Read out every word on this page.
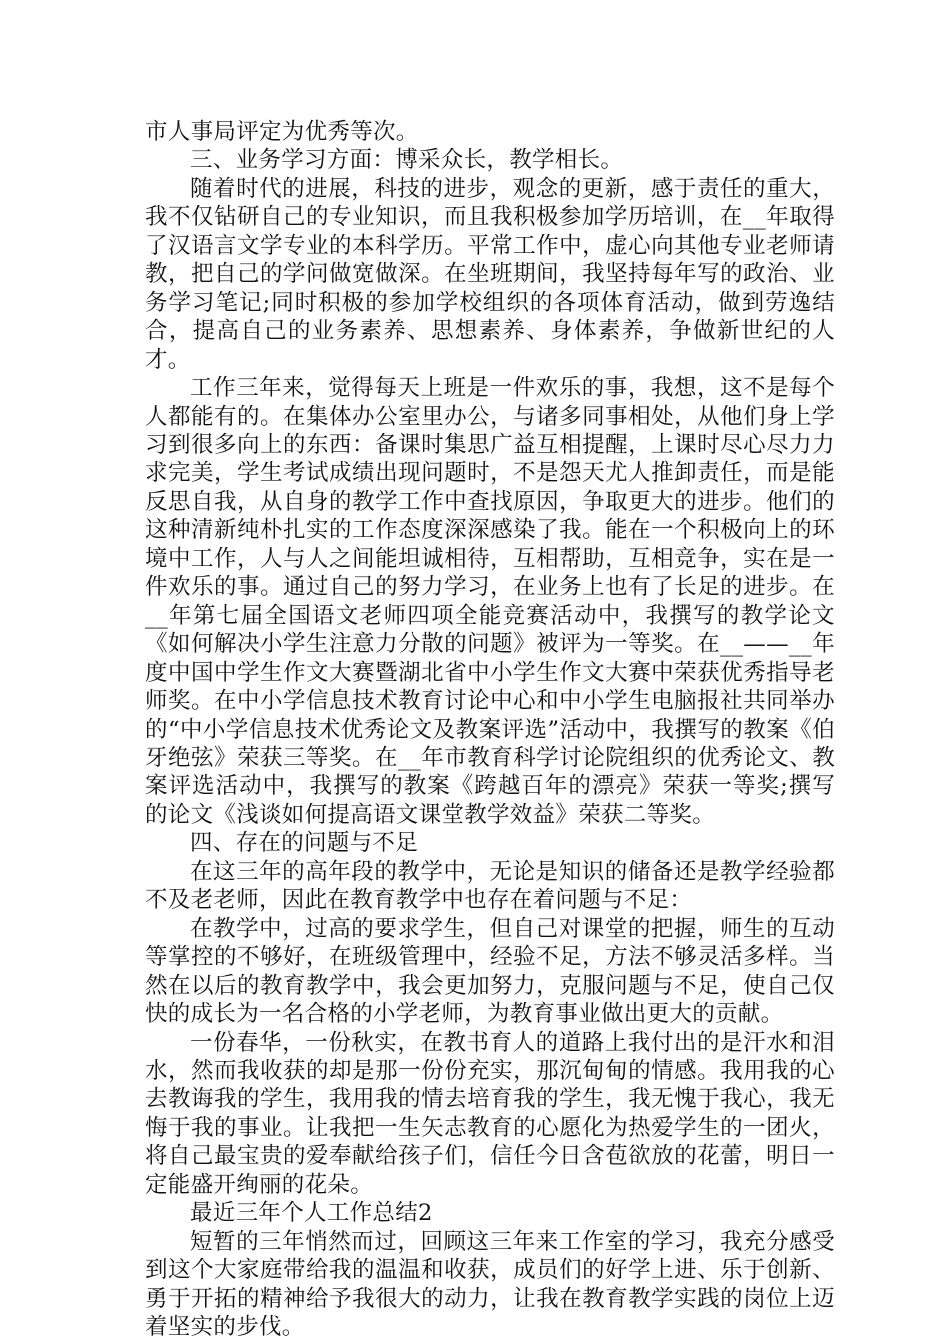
市人事局评定为优秀等次。

三、业务学习方面：博采众长，教学相长。

随着时代的进展，科技的进步，观念的更新，感于责任的重大，我不仅钻研自己的专业知识，而且我积极参加学历培训，在__年取得了汉语言文学专业的本科学历。平常工作中，虚心向其他专业老师请教，把自己的学问做宽做深。在坐班期间，我坚持每年写的政治、业务学习笔记;同时积极的参加学校组织的各项体育活动，做到劳逸结合，提高自己的业务素养、思想素养、身体素养，争做新世纪的人才。

工作三年来，觉得每天上班是一件欢乐的事，我想，这不是每个人都能有的。在集体办公室里办公，与诸多同事相处，从他们身上学习到很多向上的东西：备课时集思广益互相提醒，上课时尽心尽力力求完美，学生考试成绩出现问题时，不是怨天尤人推卸责任，而是能反思自我，从自身的教学工作中查找原因，争取更大的进步。他们的这种清新纯朴扎实的工作态度深深感染了我。能在一个积极向上的环境中工作，人与人之间能坦诚相待，互相帮助，互相竞争，实在是一件欢乐的事。通过自己的努力学习，在业务上也有了长足的进步。在__年第七届全国语文老师四项全能竞赛活动中，我撰写的教学论文《如何解决小学生注意力分散的问题》被评为一等奖。在__——__年度中国中学生作文大赛暨湖北省中小学生作文大赛中荣获优秀指导老师奖。在中小学信息技术教育讨论中心和中小学生电脑报社共同举办的“中小学信息技术优秀论文及教案评选”活动中，我撰写的教案《伯牙绝弦》荣获三等奖。在__年市教育科学讨论院组织的优秀论文、教案评选活动中，我撰写的教案《跨越百年的漂亮》荣获一等奖;撰写的论文《浅谈如何提高语文课堂教学效益》荣获二等奖。

四、存在的问题与不足

在这三年的高年段的教学中，无论是知识的储备还是教学经验都不及老老师，因此在教育教学中也存在着问题与不足：

在教学中，过高的要求学生，但自己对课堂的把握，师生的互动等掌控的不够好，在班级管理中，经验不足，方法不够灵活多样。当然在以后的教育教学中，我会更加努力，克服问题与不足，使自己仅快的成长为一名合格的小学老师，为教育事业做出更大的贡献。

一份春华，一份秋实，在教书育人的道路上我付出的是汗水和泪水，然而我收获的却是那一份份充实，那沉甸甸的情感。我用我的心去教诲我的学生，我用我的情去培育我的学生，我无愧于我心，我无悔于我的事业。让我把一生矢志教育的心愿化为热爱学生的一团火，将自己最宝贵的爱奉献给孩子们，信任今日含苞欲放的花蕾，明日一定能盛开绚丽的花朵。

最近三年个人工作总结2

短暂的三年悄然而过，回顾这三年来工作室的学习，我充分感受到这个大家庭带给我的温温和收获，成员们的好学上进、乐于创新、勇于开拓的精神给予我很大的动力，让我在教育教学实践的岗位上迈着坚实的步伐。
